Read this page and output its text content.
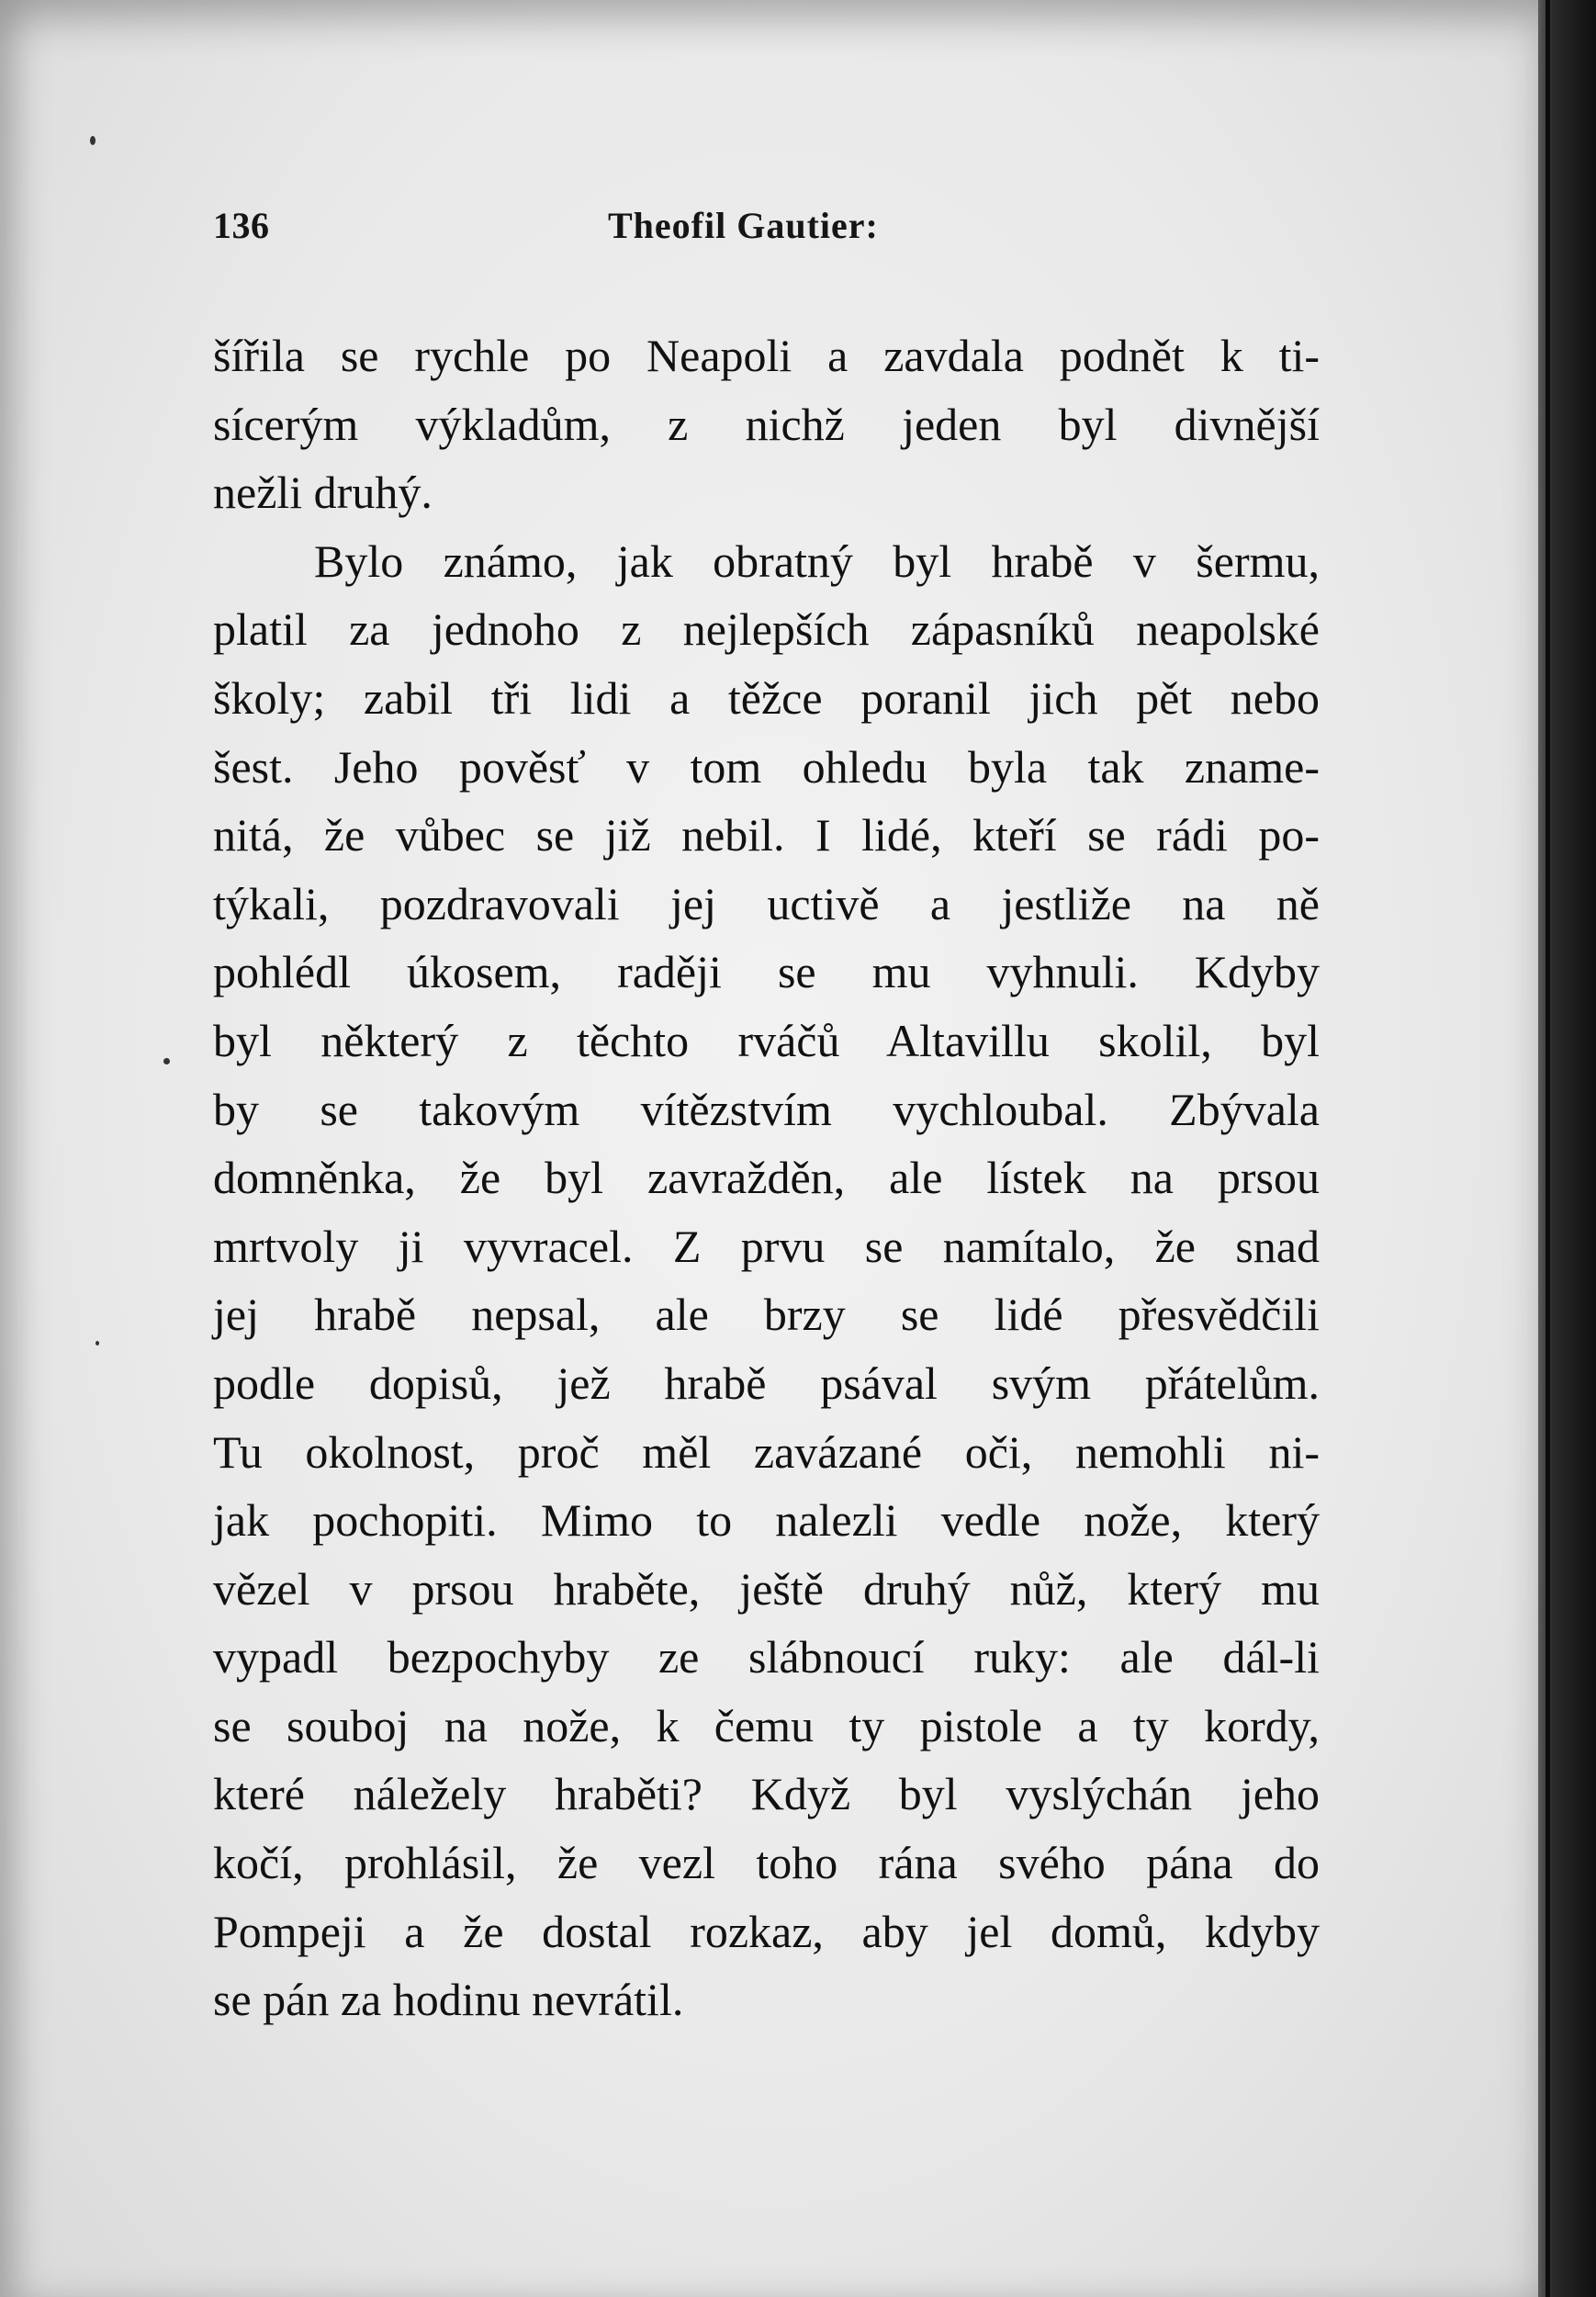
136	Theofil Gautier:
šířila se rychle po Neapoli a zavdala podnět k ti-
sícerým výkladům, z nichž jeden byl divnější
nežli druhý.
Bylo známo, jak obratný byl hrabě v šermu,
platil za jednoho z nejlepších zápasníků neapolské
školy; zabil tři lidi a těžce poranil jich pět nebo
šest. Jeho pověsť v tom ohledu byla tak zname-
nitá, že vůbec se již nebil. I lidé, kteří se rádi po-
týkali, pozdravovali jej uctivě a jestliže na ně
pohlédl úkosem, raději se mu vyhnuli. Kdyby
byl některý z těchto rváčů Altavillu skolil, byl
by se takovým vítězstvím vychloubal. Zbývala
domněnka, že byl zavražděn, ale lístek na prsou
mrtvoly ji vyvracel. Z prvu se namítalo, že snad
jej hrabě nepsal, ale brzy se lidé přesvědčili
podle dopisů, jež hrabě psával svým přátelům.
Tu okolnost, proč měl zavázané oči, nemohli ni-
jak pochopiti. Mimo to nalezli vedle nože, který
vězel v prsou hraběte, ještě druhý nůž, který mu
vypadl bezpochyby ze slábnoucí ruky: ale dál-li
se souboj na nože, k čemu ty pistole a ty kordy,
které náležely hraběti? Když byl vyslýchán jeho
kočí, prohlásil, že vezl toho rána svého pána do
Pompeji a že dostal rozkaz, aby jel domů, kdyby
se pán za hodinu nevrátil.
